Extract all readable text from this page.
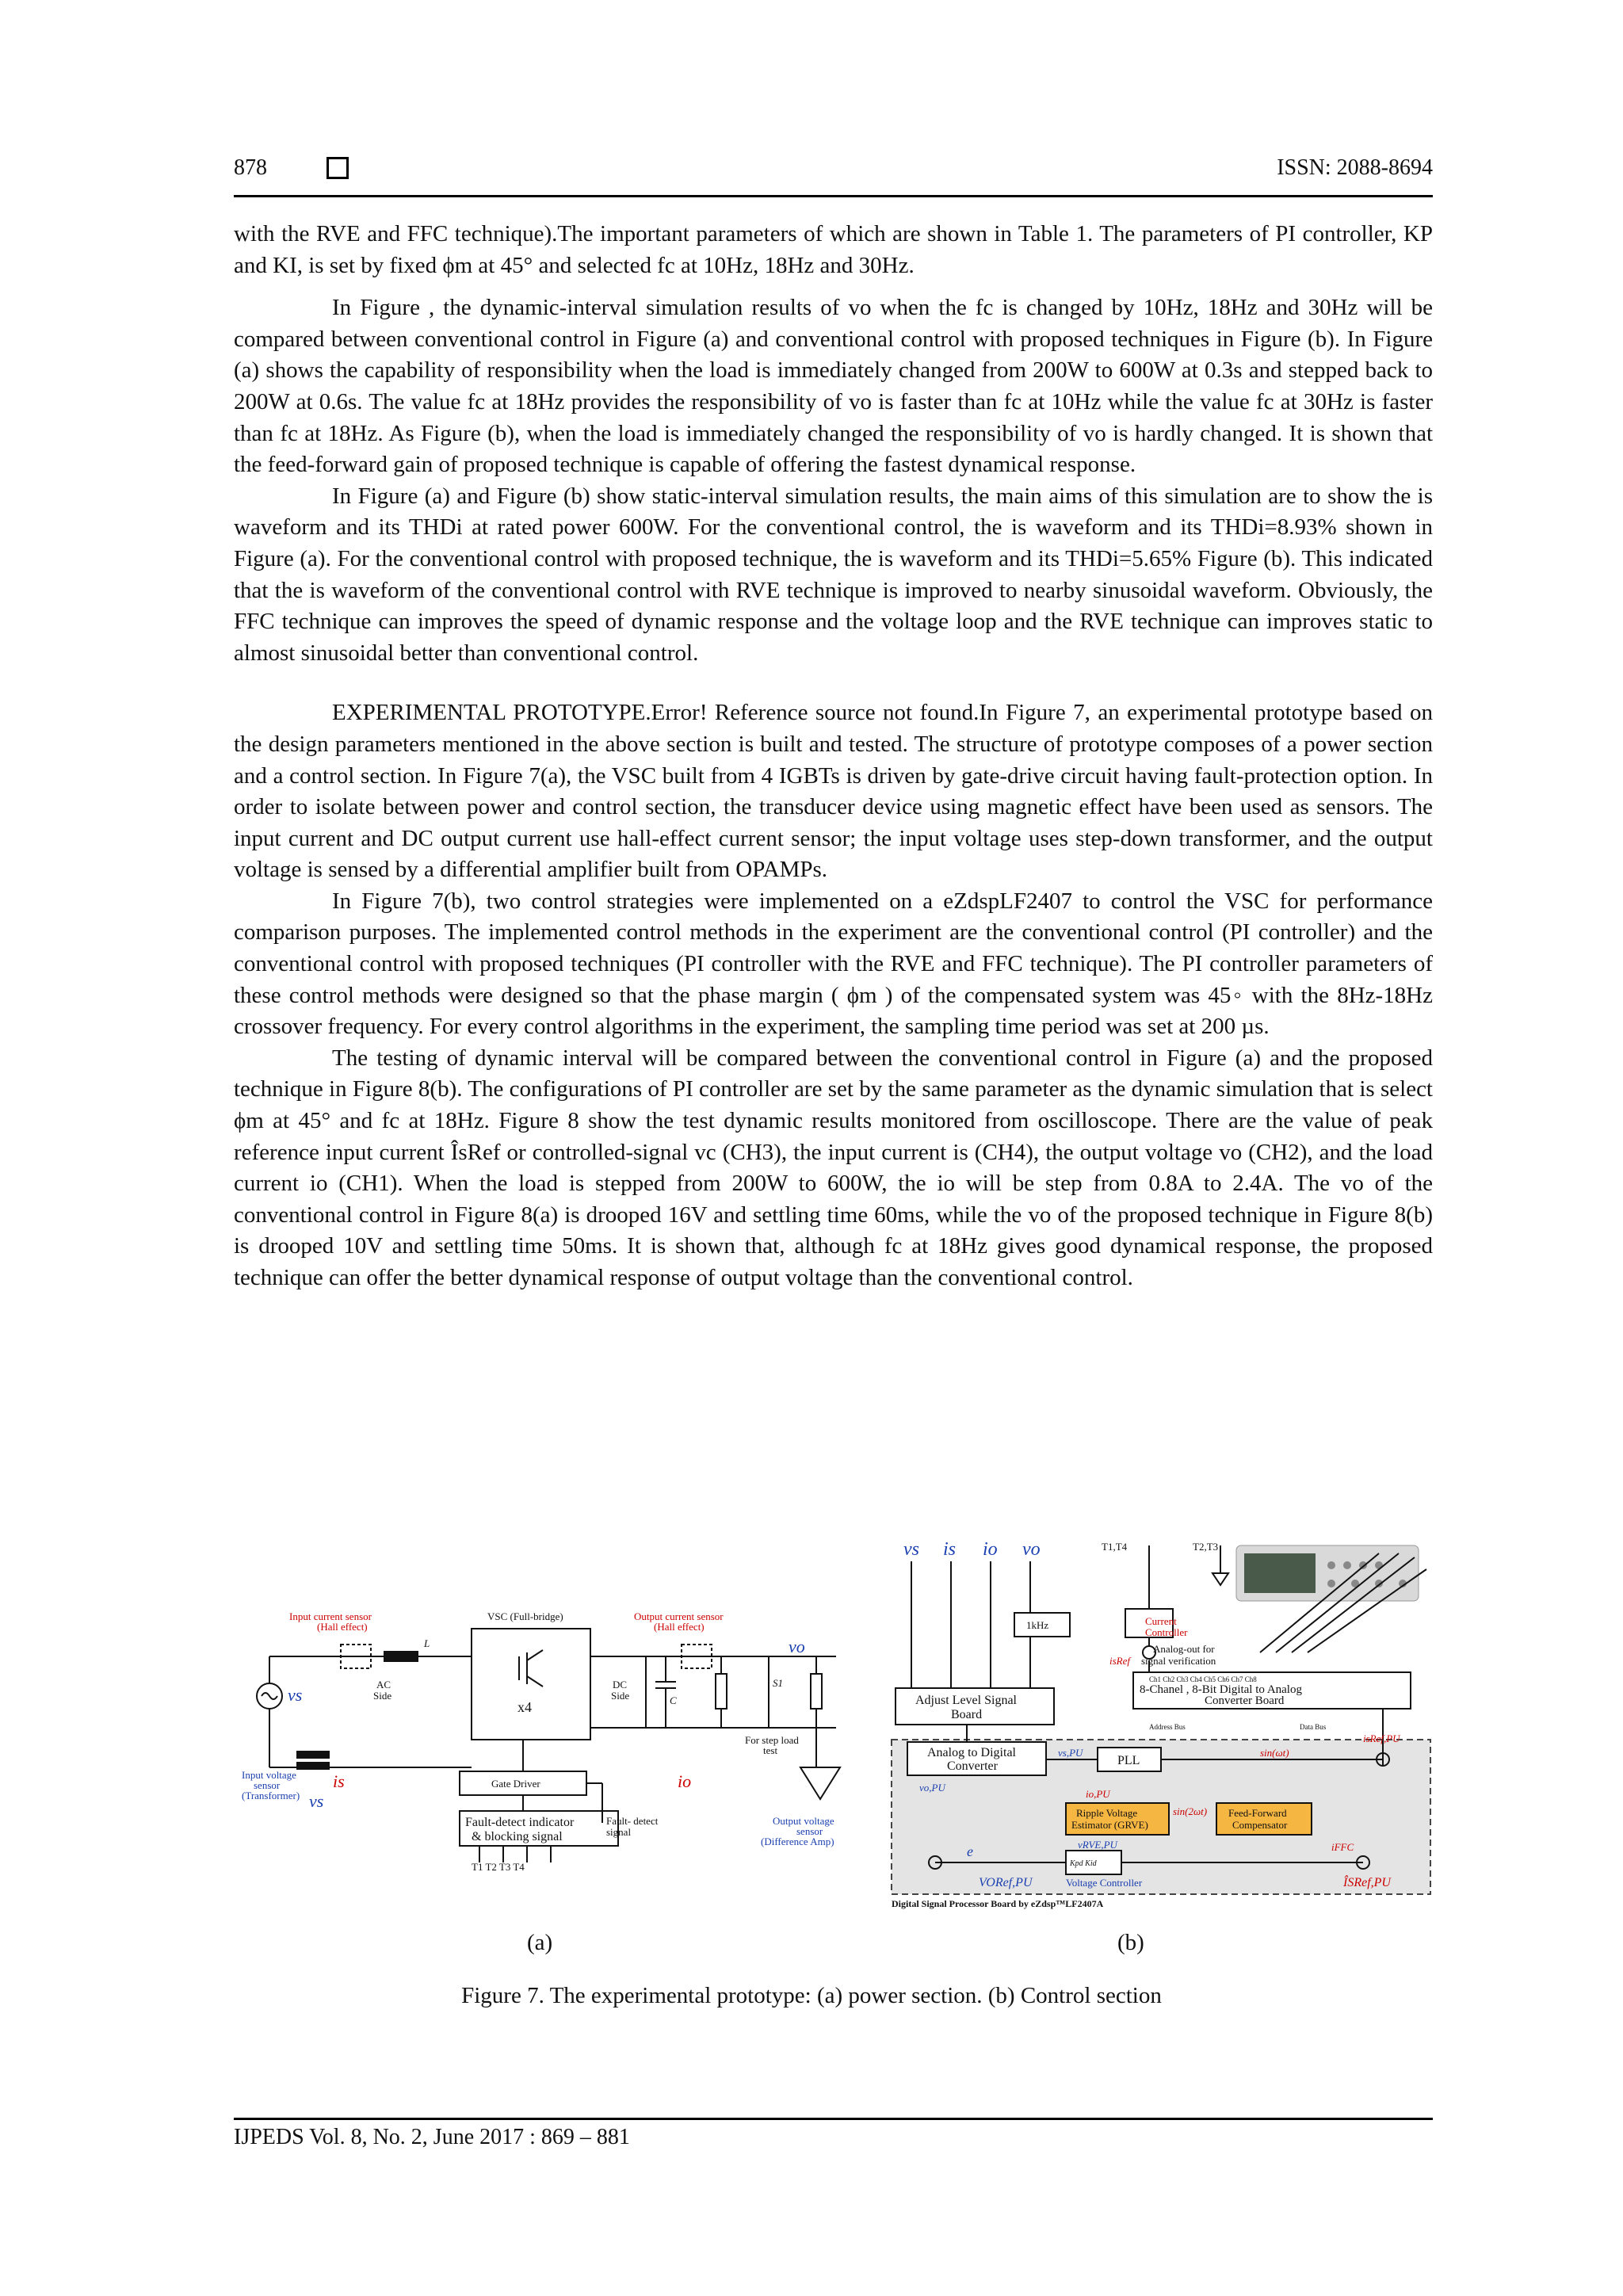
878	ISSN: 2088-8694

with the RVE and FFC technique).The important parameters of which are shown in Table 1. The parameters of PI controller, KP and KI, is set by fixed ϕm at 45° and selected fc at 10Hz, 18Hz and 30Hz.

In Figure , the dynamic-interval simulation results of vo when the fc is changed by 10Hz, 18Hz and 30Hz will be compared between conventional control in Figure (a) and conventional control with proposed techniques in Figure (b). In Figure (a) shows the capability of responsibility when the load is immediately changed from 200W to 600W at 0.3s and stepped back to 200W at 0.6s. The value fc at 18Hz provides the responsibility of vo is faster than fc at 10Hz while the value fc at 30Hz is faster than fc at 18Hz. As Figure (b), when the load is immediately changed the responsibility of vo is hardly changed. It is shown that the feed-forward gain of proposed technique is capable of offering the fastest dynamical response.

In Figure (a) and Figure (b) show static-interval simulation results, the main aims of this simulation are to show the is waveform and its THDi at rated power 600W. For the conventional control, the is waveform and its THDi=8.93% shown in Figure (a). For the conventional control with proposed technique, the is waveform and its THDi=5.65% Figure (b). This indicated that the is waveform of the conventional control with RVE technique is improved to nearby sinusoidal waveform. Obviously, the FFC technique can improves the speed of dynamic response and the voltage loop and the RVE technique can improves static to almost sinusoidal better than conventional control.

EXPERIMENTAL PROTOTYPE.Error! Reference source not found.In Figure 7, an experimental prototype based on the design parameters mentioned in the above section is built and tested. The structure of prototype composes of a power section and a control section. In Figure 7(a), the VSC built from 4 IGBTs is driven by gate-drive circuit having fault-protection option. In order to isolate between power and control section, the transducer device using magnetic effect have been used as sensors. The input current and DC output current use hall-effect current sensor; the input voltage uses step-down transformer, and the output voltage is sensed by a differential amplifier built from OPAMPs.

In Figure 7(b), two control strategies were implemented on a eZdspLF2407 to control the VSC for performance comparison purposes. The implemented control methods in the experiment are the conventional control (PI controller) and the conventional control with proposed techniques (PI controller with the RVE and FFC technique). The PI controller parameters of these control methods were designed so that the phase margin ( ϕm ) of the compensated system was 45◦ with the 8Hz-18Hz crossover frequency. For every control algorithms in the experiment, the sampling time period was set at 200 µs.

The testing of dynamic interval will be compared between the conventional control in Figure (a) and the proposed technique in Figure 8(b). The configurations of PI controller are set by the same parameter as the dynamic simulation that is select ϕm at 45° and fc at 18Hz. Figure 8 show the test dynamic results monitored from oscilloscope. There are the value of peak reference input current ÎsRef or controlled-signal vc (CH3), the input current is (CH4), the output voltage vo (CH2), and the load current io (CH1). When the load is stepped from 200W to 600W, the io will be step from 0.8A to 2.4A. The vo of the conventional control in Figure 8(a) is drooped 16V and settling time 60ms, while the vo of the proposed technique in Figure 8(b) is drooped 10V and settling time 50ms. It is shown that, although fc at 18Hz gives good dynamical response, the proposed technique can offer the better dynamical response of output voltage than the conventional control.

Input current sensor
(Hall effect)
Output current sensor
(Hall effect)
is	io
VSC (Full-bridge)
L
AC
Side
x4
DC
Side	C
S1
For step load
test
Gate Driver
Fault-detect indicator
& blocking signal
Fault- detect
signal
T1 T2 T3 T4
vs
vs
vo
Input voltage
sensor
(Transformer)
Output voltage
sensor
(Difference Amp)
vs is io vo	T1,T4	T2,T3
1kHz
Analog-out for
signal verification
Adjust Level Signal
Board
8-Chanel , 8-Bit Digital to Analog
Converter Board
Ch1 Ch2 Ch3 Ch4 Ch5 Ch6 Ch7 Ch8
Address Bus	Data Bus
Analog to Digital
Converter	PLL
Ripple Voltage
Estimator (GRVE)
Feed-Forward
Compensator
Kpd Kid
Digital Signal Processor Board by eZdsp™LF2407A
Current
Controller
isRef
isRef,PU
sin(ωt)
io,PU
sin(2ωt)
iFFC
ÎSRef,PU
vs,PU
vo,PU
vRVE,PU
e
VORef,PU	Voltage Controller
(a)	(b)
Figure 7. The experimental prototype: (a) power section. (b) Control section
IJPEDS Vol. 8, No. 2, June 2017 : 869 – 881
